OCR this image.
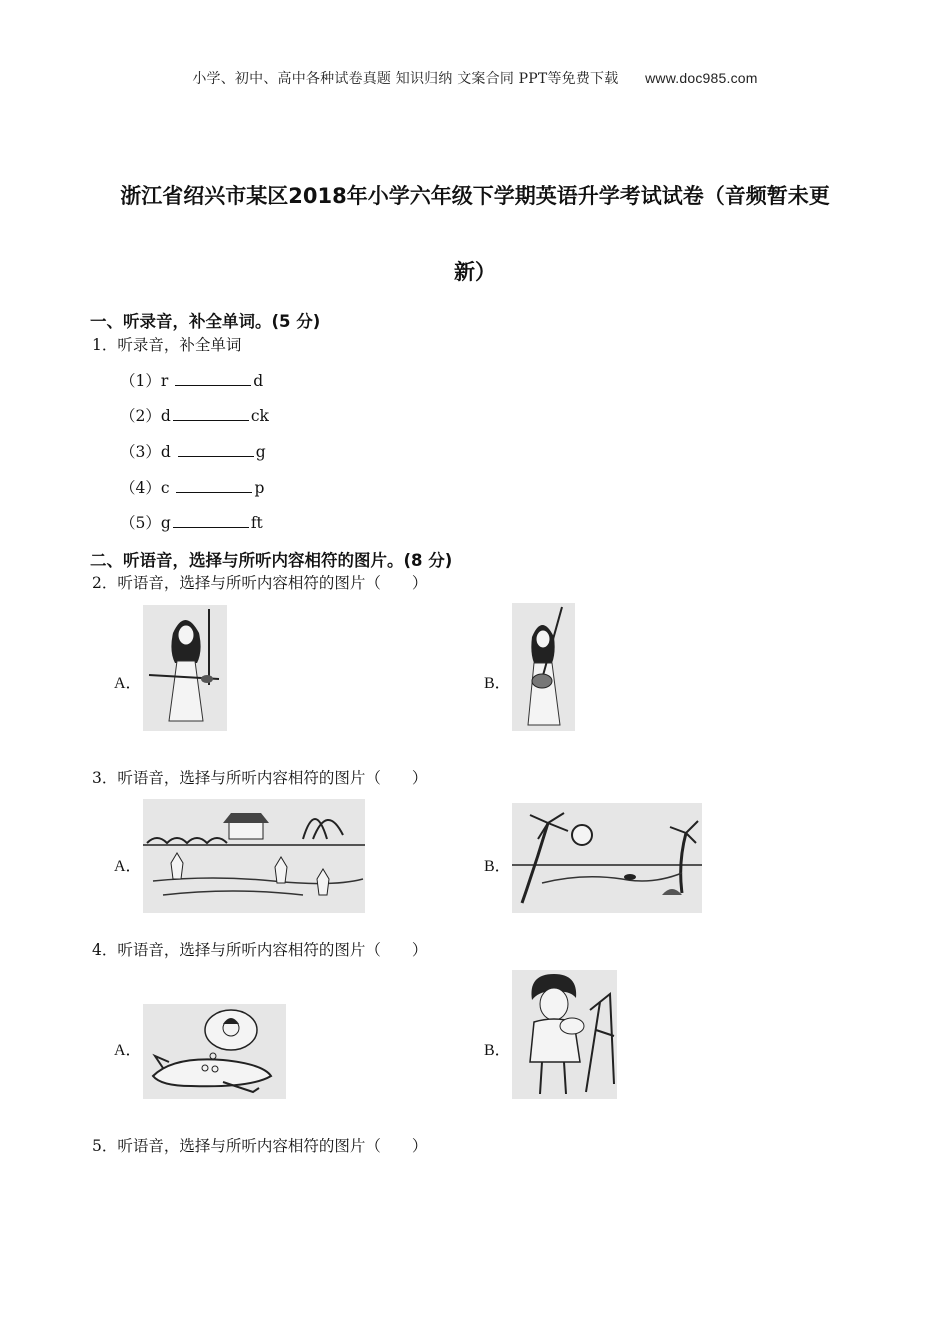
小学、初中、高中各种试卷真题 知识归纳 文案合同 PPT等免费下载 www.doc985.com
浙江省绍兴市某区2018年小学六年级下学期英语升学考试试卷（音频暂未更
新）
一、听录音，补全单词。(5 分)
1．听录音，补全单词
（1）r	d
（2）d	ck
（3）d	g
（4）c	p
（5）g	ft
二、听语音，选择与所听内容相符的图片。(8 分)
2．听语音，选择与所听内容相符的图片（　　）
A．	B．
3．听语音，选择与所听内容相符的图片（　　）
A．	B．
4．听语音，选择与所听内容相符的图片（　　）
A．	B．
5．听语音，选择与所听内容相符的图片（　　）
